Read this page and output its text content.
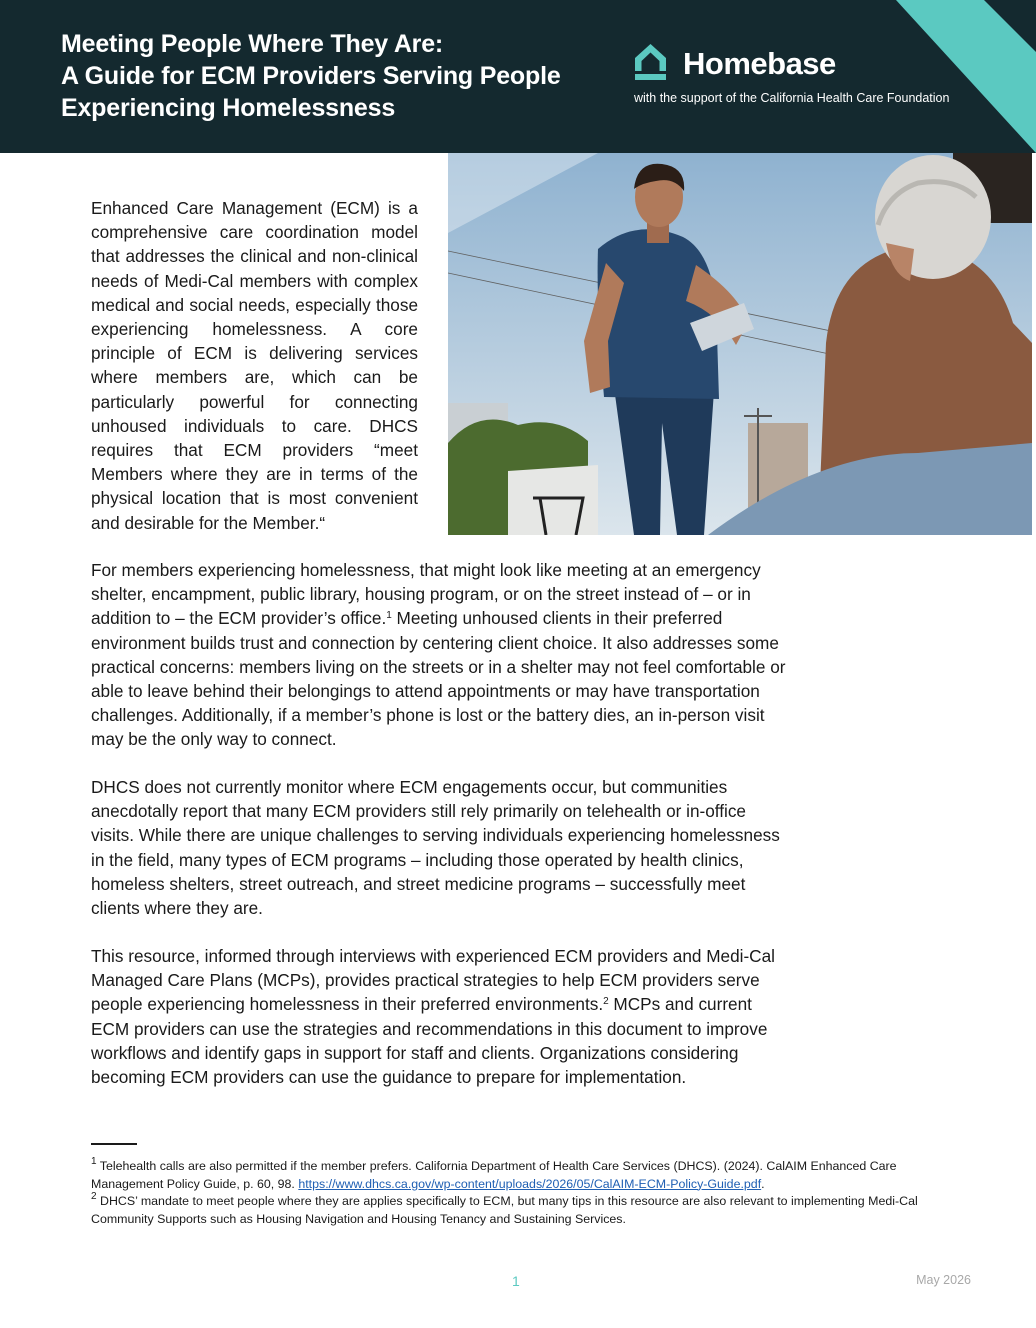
Meeting People Where They Are:
A Guide for ECM Providers Serving People
Experiencing Homelessness
Homebase
with the support of the California Health Care Foundation

Enhanced Care Management (ECM) is a comprehensive care coordination model that addresses the clinical and non-clinical needs of Medi-Cal members with complex medical and social needs, especially those experiencing homelessness. A core principle of ECM is delivering services where members are, which can be particularly powerful for connecting unhoused individuals to care. DHCS requires that ECM providers “meet Members where they are in terms of the physical location that is most convenient and desirable for the Member.“

For members experiencing homelessness, that might look like meeting at an emergency shelter, encampment, public library, housing program, or on the street instead of – or in addition to – the ECM provider’s office.$^1$ Meeting unhoused clients in their preferred environment builds trust and connection by centering client choice. It also addresses some practical concerns: members living on the streets or in a shelter may not feel comfortable or able to leave behind their belongings to attend appointments or may have transportation challenges. Additionally, if a member’s phone is lost or the battery dies, an in-person visit may be the only way to connect.

DHCS does not currently monitor where ECM engagements occur, but communities anecdotally report that many ECM providers still rely primarily on telehealth or in-office visits. While there are unique challenges to serving individuals experiencing homelessness in the field, many types of ECM programs – including those operated by health clinics, homeless shelters, street outreach, and street medicine programs – successfully meet clients where they are.

This resource, informed through interviews with experienced ECM providers and Medi-Cal Managed Care Plans (MCPs), provides practical strategies to help ECM providers serve people experiencing homelessness in their preferred environments.$^2$ MCPs and current ECM providers can use the strategies and recommendations in this document to improve workflows and identify gaps in support for staff and clients. Organizations considering becoming ECM providers can use the guidance to prepare for implementation.

$^1$ Telehealth calls are also permitted if the member prefers. California Department of Health Care Services (DHCS). (2024). CalAIM Enhanced Care Management Policy Guide, p. 60, 98. https://www.dhcs.ca.gov/wp-content/uploads/2026/05/CalAIM-ECM-Policy-Guide.pdf.

$^2$ DHCS’ mandate to meet people where they are applies specifically to ECM, but many tips in this resource are also relevant to implementing Medi-Cal Community Supports such as Housing Navigation and Housing Tenancy and Sustaining Services.

1	May 2026
